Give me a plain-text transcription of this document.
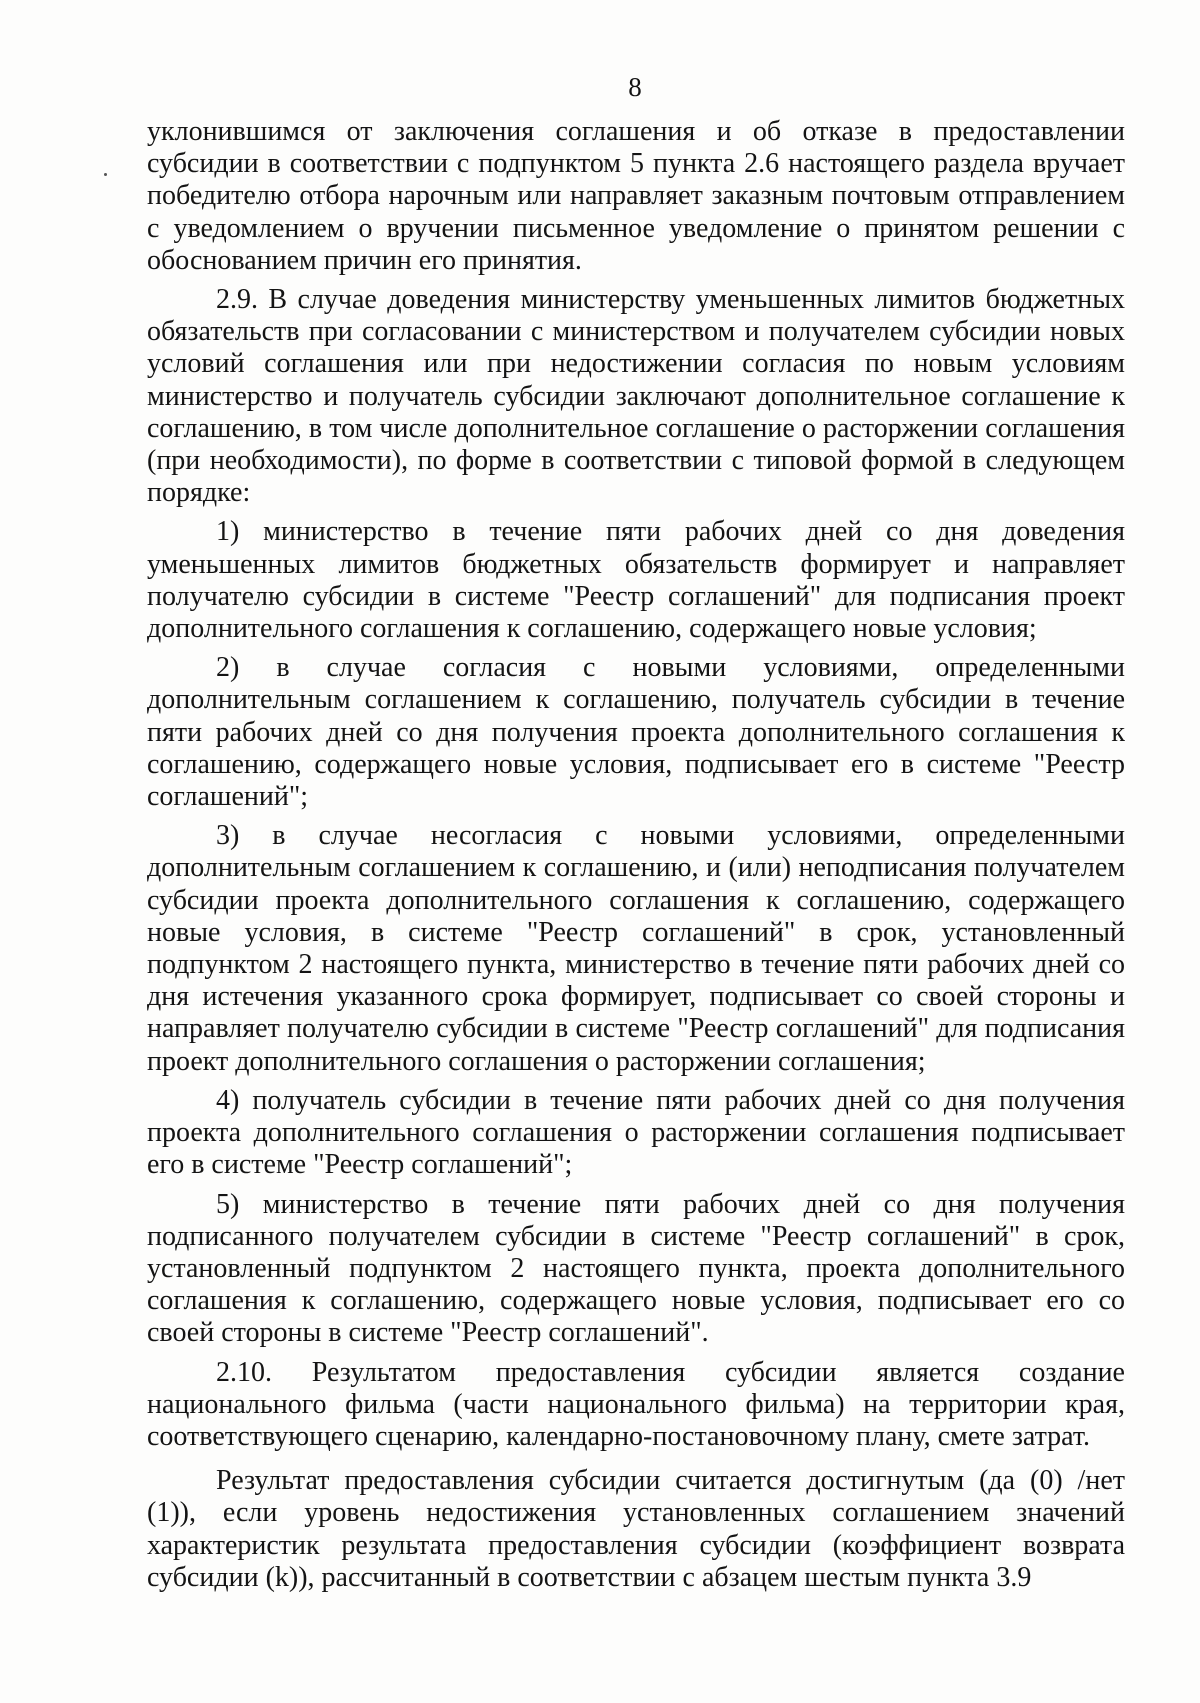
8

уклонившимся от заключения соглашения и об отказе в предоставлении субсидии в соответствии с подпунктом 5 пункта 2.6 настоящего раздела вручает победителю отбора нарочным или направляет заказным почтовым отправлением с уведомлением о вручении письменное уведомление о принятом решении с обоснованием причин его принятия.

2.9. В случае доведения министерству уменьшенных лимитов бюджетных обязательств при согласовании с министерством и получателем субсидии новых условий соглашения или при недостижении согласия по новым условиям министерство и получатель субсидии заключают дополнительное соглашение к соглашению, в том числе дополнительное соглашение о расторжении соглашения (при необходимости), по форме в соответствии с типовой формой в следующем порядке:

1) министерство в течение пяти рабочих дней со дня доведения уменьшенных лимитов бюджетных обязательств формирует и направляет получателю субсидии в системе "Реестр соглашений" для подписания проект дополнительного соглашения к соглашению, содержащего новые условия;

2) в случае согласия с новыми условиями, определенными дополнительным соглашением к соглашению, получатель субсидии в течение пяти рабочих дней со дня получения проекта дополнительного соглашения к соглашению, содержащего новые условия, подписывает его в системе "Реестр соглашений";

3) в случае несогласия с новыми условиями, определенными дополнительным соглашением к соглашению, и (или) неподписания получателем субсидии проекта дополнительного соглашения к соглашению, содержащего новые условия, в системе "Реестр соглашений" в срок, установленный подпунктом 2 настоящего пункта, министерство в течение пяти рабочих дней со дня истечения указанного срока формирует, подписывает со своей стороны и направляет получателю субсидии в системе "Реестр соглашений" для подписания проект дополнительного соглашения о расторжении соглашения;

4) получатель субсидии в течение пяти рабочих дней со дня получения проекта дополнительного соглашения о расторжении соглашения подписывает его в системе "Реестр соглашений";

5) министерство в течение пяти рабочих дней со дня получения подписанного получателем субсидии в системе "Реестр соглашений" в срок, установленный подпунктом 2 настоящего пункта, проекта дополнительного соглашения к соглашению, содержащего новые условия, подписывает его со своей стороны в системе "Реестр соглашений".

2.10. Результатом предоставления субсидии является создание национального фильма (части национального фильма) на территории края, соответствующего сценарию, календарно-постановочному плану, смете затрат.

Результат предоставления субсидии считается достигнутым (да (0) /нет (1)), если уровень недостижения установленных соглашением значений характеристик результата предоставления субсидии (коэффициент возврата субсидии (k)), рассчитанный в соответствии с абзацем шестым пункта 3.9
